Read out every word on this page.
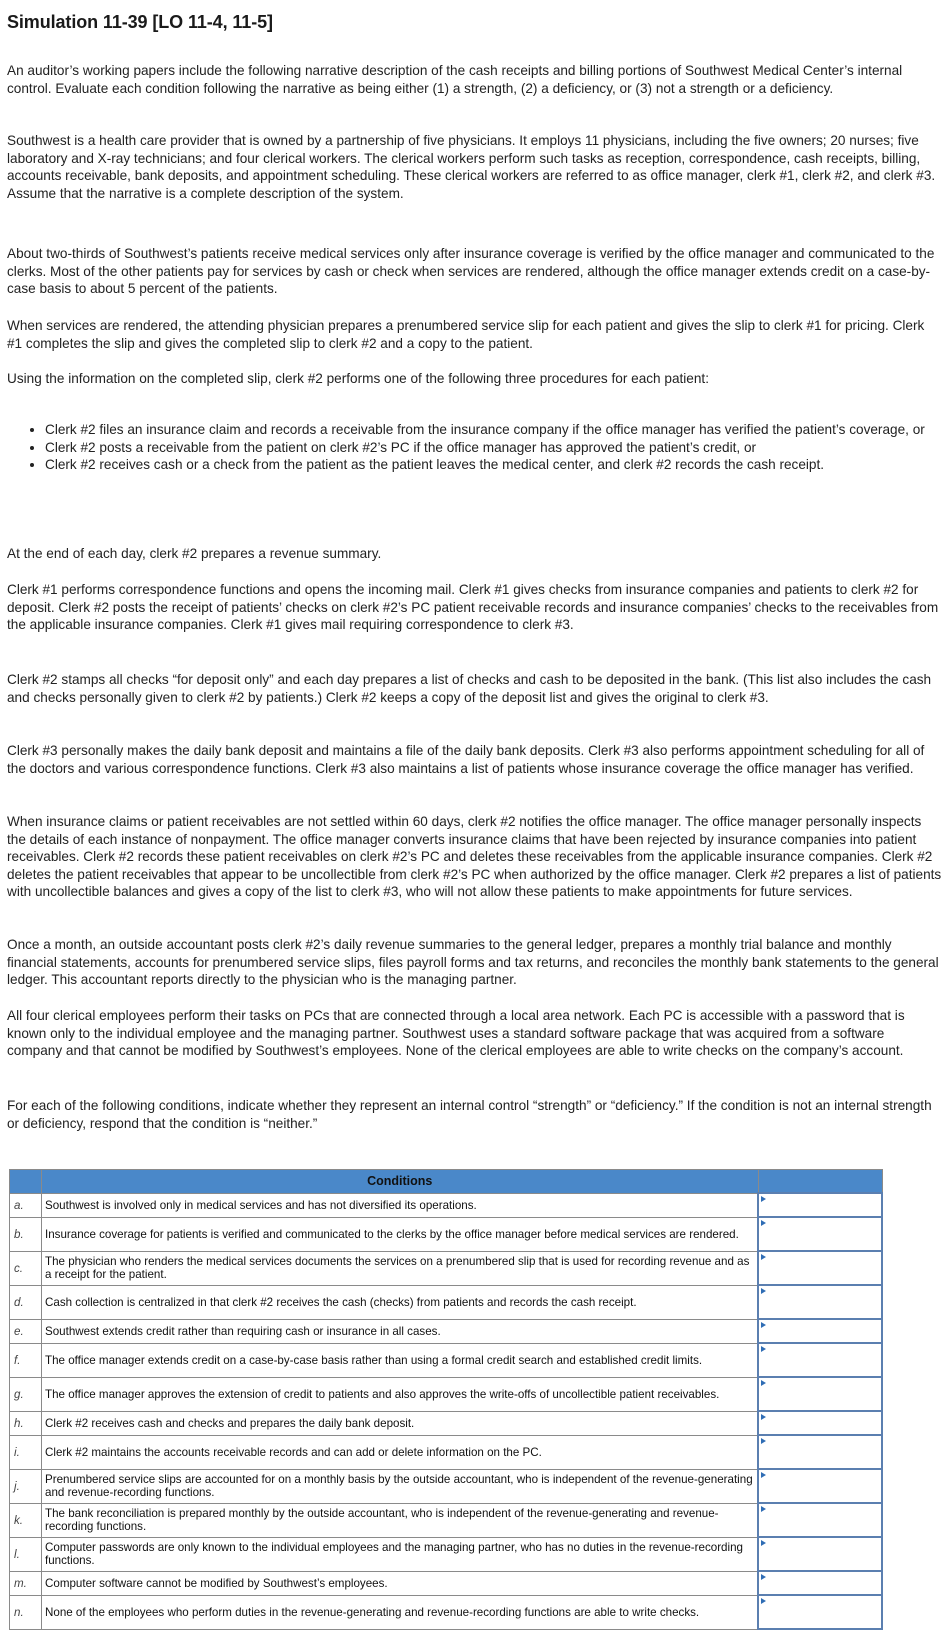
Simulation 11-39 [LO 11-4, 11-5]

An auditor’s working papers include the following narrative description of the cash receipts and billing portions of Southwest Medical Center’s internal control. Evaluate each condition following the narrative as being either (1) a strength, (2) a deficiency, or (3) not a strength or a deficiency.

Southwest is a health care provider that is owned by a partnership of five physicians. It employs 11 physicians, including the five owners; 20 nurses; five laboratory and X-ray technicians; and four clerical workers. The clerical workers perform such tasks as reception, correspondence, cash receipts, billing, accounts receivable, bank deposits, and appointment scheduling. These clerical workers are referred to as office manager, clerk #1, clerk #2, and clerk #3. Assume that the narrative is a complete description of the system.

About two-thirds of Southwest’s patients receive medical services only after insurance coverage is verified by the office manager and communicated to the clerks. Most of the other patients pay for services by cash or check when services are rendered, although the office manager extends credit on a case-by-case basis to about 5 percent of the patients.

When services are rendered, the attending physician prepares a prenumbered service slip for each patient and gives the slip to clerk #1 for pricing. Clerk #1 completes the slip and gives the completed slip to clerk #2 and a copy to the patient.

Using the information on the completed slip, clerk #2 performs one of the following three procedures for each patient:

• Clerk #2 files an insurance claim and records a receivable from the insurance company if the office manager has verified the patient’s coverage, or
• Clerk #2 posts a receivable from the patient on clerk #2’s PC if the office manager has approved the patient’s credit, or
• Clerk #2 receives cash or a check from the patient as the patient leaves the medical center, and clerk #2 records the cash receipt.

At the end of each day, clerk #2 prepares a revenue summary.

Clerk #1 performs correspondence functions and opens the incoming mail. Clerk #1 gives checks from insurance companies and patients to clerk #2 for deposit. Clerk #2 posts the receipt of patients’ checks on clerk #2’s PC patient receivable records and insurance companies’ checks to the receivables from the applicable insurance companies. Clerk #1 gives mail requiring correspondence to clerk #3.

Clerk #2 stamps all checks “for deposit only” and each day prepares a list of checks and cash to be deposited in the bank. (This list also includes the cash and checks personally given to clerk #2 by patients.) Clerk #2 keeps a copy of the deposit list and gives the original to clerk #3.

Clerk #3 personally makes the daily bank deposit and maintains a file of the daily bank deposits. Clerk #3 also performs appointment scheduling for all of the doctors and various correspondence functions. Clerk #3 also maintains a list of patients whose insurance coverage the office manager has verified.

When insurance claims or patient receivables are not settled within 60 days, clerk #2 notifies the office manager. The office manager personally inspects the details of each instance of nonpayment. The office manager converts insurance claims that have been rejected by insurance companies into patient receivables. Clerk #2 records these patient receivables on clerk #2’s PC and deletes these receivables from the applicable insurance companies. Clerk #2 deletes the patient receivables that appear to be uncollectible from clerk #2’s PC when authorized by the office manager. Clerk #2 prepares a list of patients with uncollectible balances and gives a copy of the list to clerk #3, who will not allow these patients to make appointments for future services.

Once a month, an outside accountant posts clerk #2’s daily revenue summaries to the general ledger, prepares a monthly trial balance and monthly financial statements, accounts for prenumbered service slips, files payroll forms and tax returns, and reconciles the monthly bank statements to the general ledger. This accountant reports directly to the physician who is the managing partner.

All four clerical employees perform their tasks on PCs that are connected through a local area network. Each PC is accessible with a password that is known only to the individual employee and the managing partner. Southwest uses a standard software package that was acquired from a software company and that cannot be modified by Southwest’s employees. None of the clerical employees are able to write checks on the company’s account.

For each of the following conditions, indicate whether they represent an internal control “strength” or “deficiency.” If the condition is not an internal strength or deficiency, respond that the condition is “neither.”

	Conditions	
a.	Southwest is involved only in medical services and has not diversified its operations.	

b.	Insurance coverage for patients is verified and communicated to the clerks by the office manager before medical services are rendered.	

c.	The physician who renders the medical services documents the services on a prenumbered slip that is used for recording revenue and as a receipt for the patient.	

d.	Cash collection is centralized in that clerk #2 receives the cash (checks) from patients and records the cash receipt.	

e.	Southwest extends credit rather than requiring cash or insurance in all cases.	

f.	The office manager extends credit on a case-by-case basis rather than using a formal credit search and established credit limits.	

g.	The office manager approves the extension of credit to patients and also approves the write-offs of uncollectible patient receivables.	

h.	Clerk #2 receives cash and checks and prepares the daily bank deposit.	

i.	Clerk #2 maintains the accounts receivable records and can add or delete information on the PC.	

j.	Prenumbered service slips are accounted for on a monthly basis by the outside accountant, who is independent of the revenue-generating and revenue-recording functions.	

k.	The bank reconciliation is prepared monthly by the outside accountant, who is independent of the revenue-generating and revenue-recording functions.	

l.	Computer passwords are only known to the individual employees and the managing partner, who has no duties in the revenue-recording functions.	

m.	Computer software cannot be modified by Southwest’s employees.	

n.	None of the employees who perform duties in the revenue-generating and revenue-recording functions are able to write checks.	
